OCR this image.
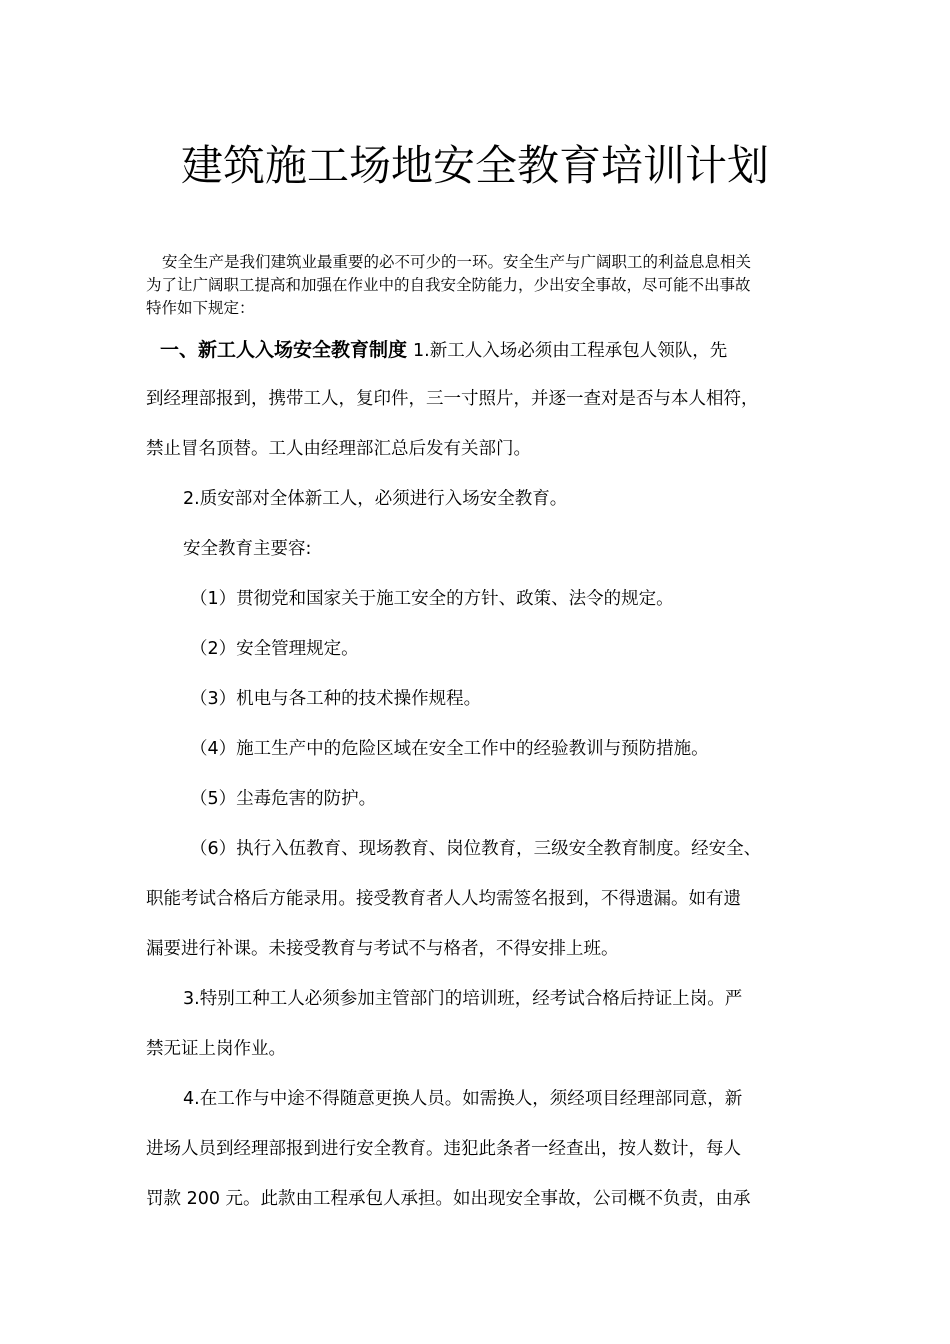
建筑施工场地安全教育培训计划
安全生产是我们建筑业最重要的必不可少的一环。安全生产与广阔职工的利益息息相关
为了让广阔职工提高和加强在作业中的自我安全防能力，少出安全事故，尽可能不出事故
特作如下规定：
一、新工人入场安全教育制度 1.新工人入场必须由工程承包人领队，先
到经理部报到，携带工人，复印件，三一寸照片，并逐一查对是否与本人相符，
禁止冒名顶替。工人由经理部汇总后发有关部门。
2.质安部对全体新工人，必须进行入场安全教育。
安全教育主要容:
（1）贯彻党和国家关于施工安全的方针、政策、法令的规定。
（2）安全管理规定。
（3）机电与各工种的技术操作规程。
（4）施工生产中的危险区域在安全工作中的经验教训与预防措施。
（5）尘毒危害的防护。
（6）执行入伍教育、现场教育、岗位教育，三级安全教育制度。经安全、
职能考试合格后方能录用。接受教育者人人均需签名报到，不得遗漏。如有遗
漏要进行补课。未接受教育与考试不与格者，不得安排上班。
3.特别工种工人必须参加主管部门的培训班，经考试合格后持证上岗。严
禁无证上岗作业。
4.在工作与中途不得随意更换人员。如需换人，须经项目经理部同意，新
进场人员到经理部报到进行安全教育。违犯此条者一经查出，按人数计，每人
罚款 200 元。此款由工程承包人承担。如出现安全事故，公司概不负责，由承
